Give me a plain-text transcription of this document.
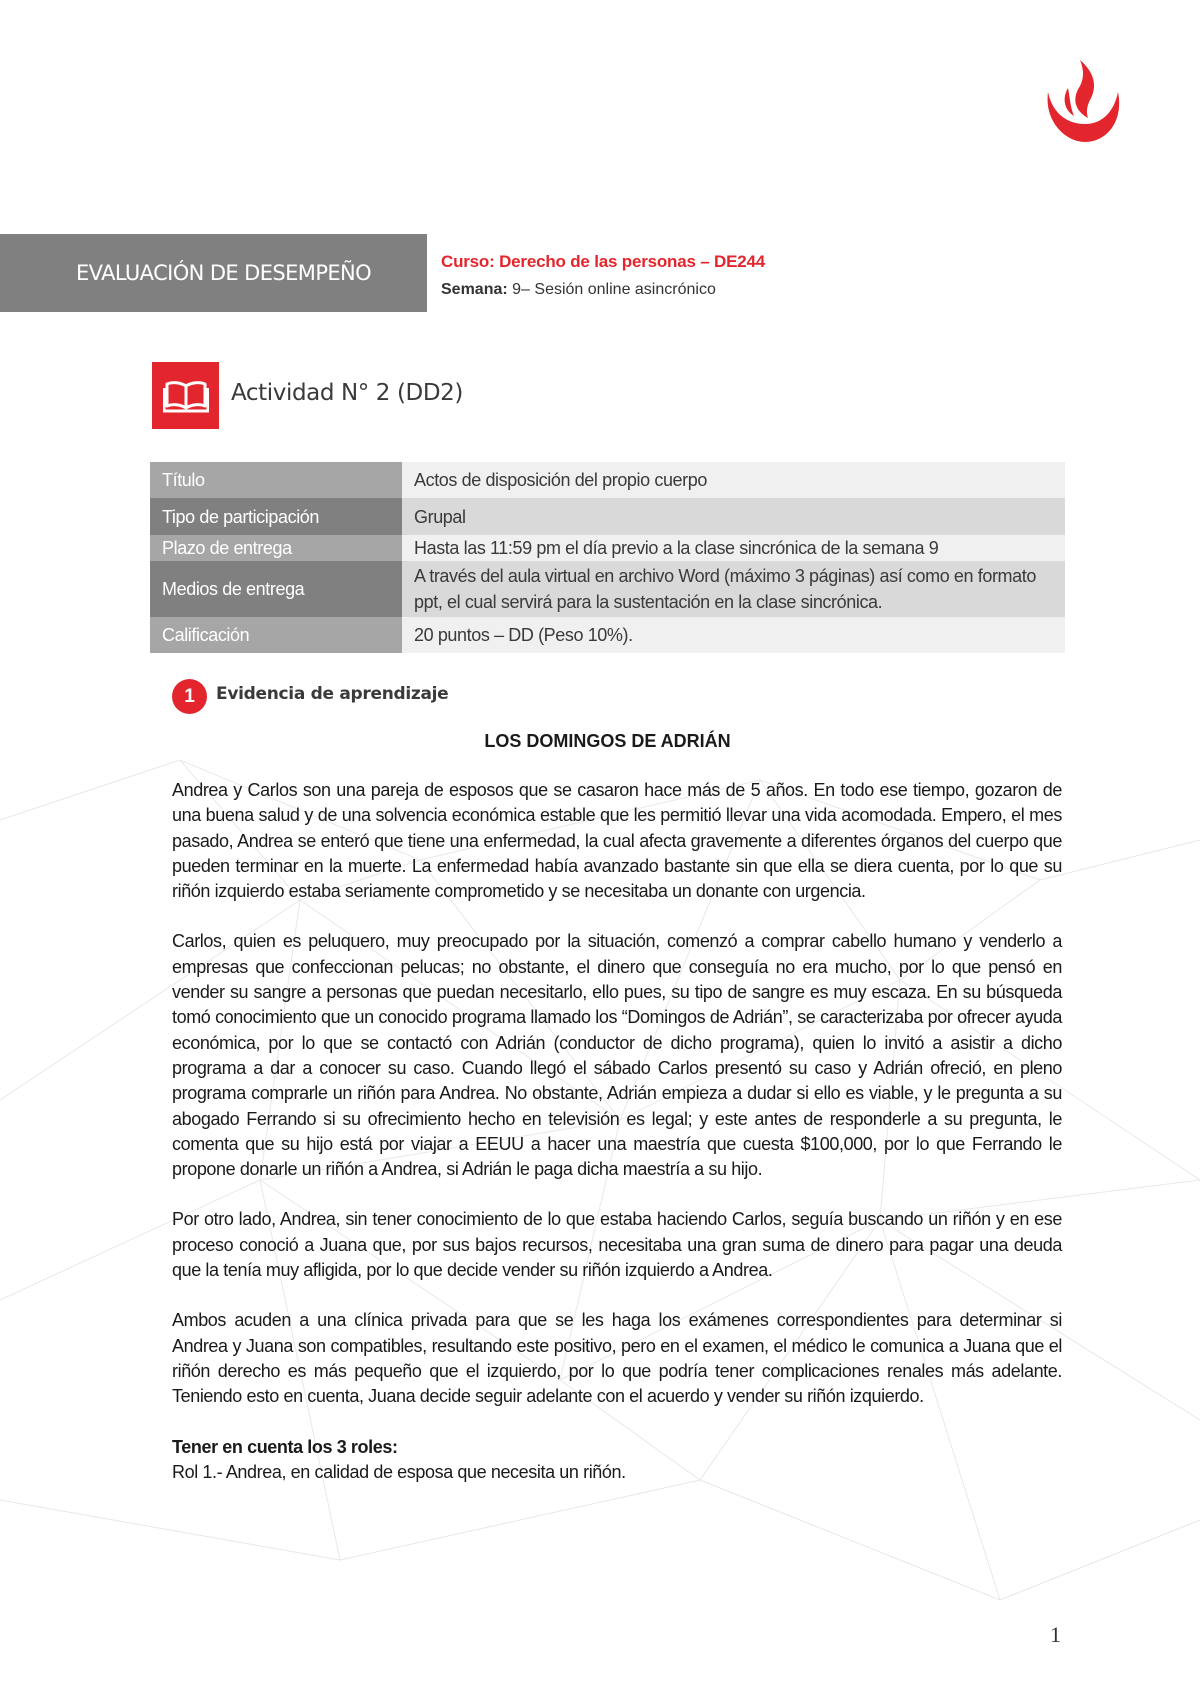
EVALUACIÓN DE DESEMPEÑO	Curso: Derecho de las personas – DE244
Semana: 9– Sesión online asincrónico
Actividad N° 2 (DD2)
Título	Actos de disposición del propio cuerpo
Tipo de participación	Grupal
Plazo de entrega	Hasta las 11:59 pm el día previo a la clase sincrónica de la semana 9
Medios de entrega	A través del aula virtual en archivo Word (máximo 3 páginas) así como en formato ppt, el cual servirá para la sustentación en la clase sincrónica.
Calificación	20 puntos – DD (Peso 10%).
1	Evidencia de aprendizaje
LOS DOMINGOS DE ADRIÁN

Andrea y Carlos son una pareja de esposos que se casaron hace más de 5 años. En todo ese tiempo, gozaron de una buena salud y de una solvencia económica estable que les permitió llevar una vida acomodada. Empero, el mes pasado, Andrea se enteró que tiene una enfermedad, la cual afecta gravemente a diferentes órganos del cuerpo que pueden terminar en la muerte. La enfermedad había avanzado bastante sin que ella se diera cuenta, por lo que su riñón izquierdo estaba seriamente comprometido y se necesitaba un donante con urgencia.

Carlos, quien es peluquero, muy preocupado por la situación, comenzó a comprar cabello humano y venderlo a empresas que confeccionan pelucas; no obstante, el dinero que conseguía no era mucho, por lo que pensó en vender su sangre a personas que puedan necesitarlo, ello pues, su tipo de sangre es muy escaza. En su búsqueda tomó conocimiento que un conocido programa llamado los “Domingos de Adrián”, se caracterizaba por ofrecer ayuda económica, por lo que se contactó con Adrián (conductor de dicho programa), quien lo invitó a asistir a dicho programa a dar a conocer su caso. Cuando llegó el sábado Carlos presentó su caso y Adrián ofreció, en pleno programa comprarle un riñón para Andrea. No obstante, Adrián empieza a dudar si ello es viable, y le pregunta a su abogado Ferrando si su ofrecimiento hecho en televisión es legal; y este antes de responderle a su pregunta, le comenta que su hijo está por viajar a EEUU a hacer una maestría que cuesta $100,000, por lo que Ferrando le propone donarle un riñón a Andrea, si Adrián le paga dicha maestría a su hijo.

Por otro lado, Andrea, sin tener conocimiento de lo que estaba haciendo Carlos, seguía buscando un riñón y en ese proceso conoció a Juana que, por sus bajos recursos, necesitaba una gran suma de dinero para pagar una deuda que la tenía muy afligida, por lo que decide vender su riñón izquierdo a Andrea.

Ambos acuden a una clínica privada para que se les haga los exámenes correspondientes para determinar si Andrea y Juana son compatibles, resultando este positivo, pero en el examen, el médico le comunica a Juana que el riñón derecho es más pequeño que el izquierdo, por lo que podría tener complicaciones renales más adelante. Teniendo esto en cuenta, Juana decide seguir adelante con el acuerdo y vender su riñón izquierdo.

Tener en cuenta los 3 roles:
Rol 1.- Andrea, en calidad de esposa que necesita un riñón.
1
